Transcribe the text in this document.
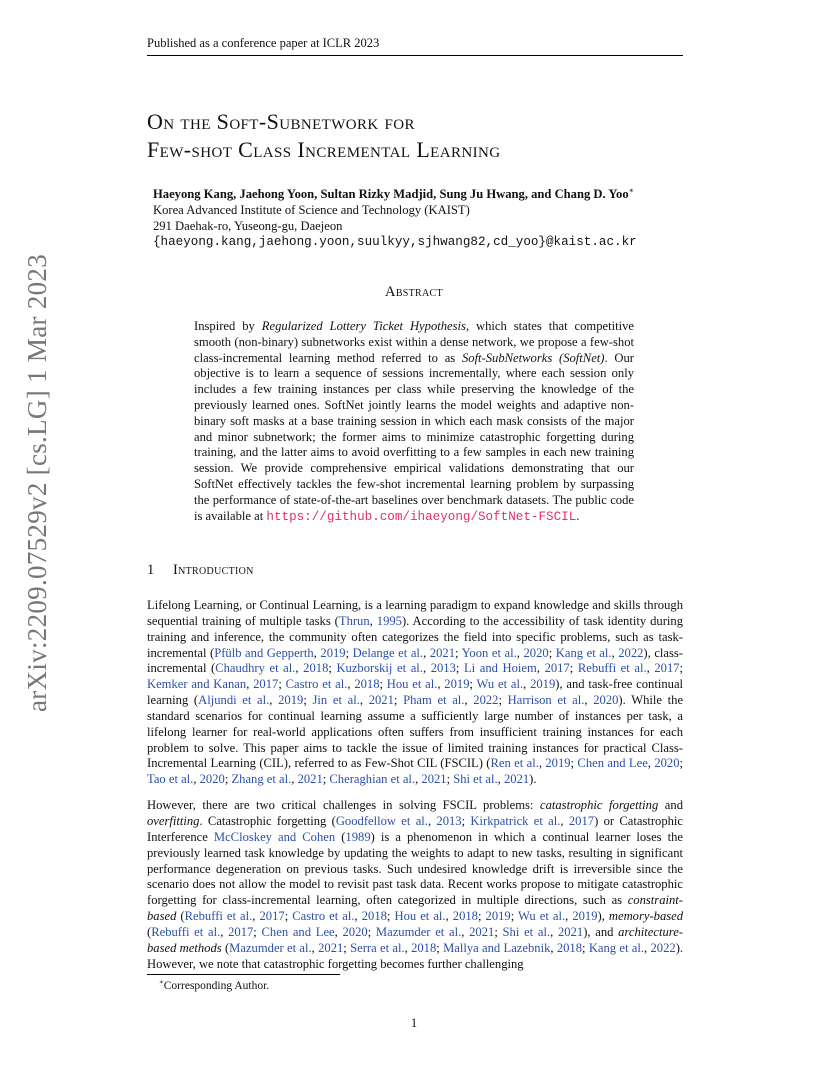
Published as a conference paper at ICLR 2023
arXiv:2209.07529v2 [cs.LG] 1 Mar 2023
On the Soft-Subnetwork for
Few-shot Class Incremental Learning
Haeyong Kang, Jaehong Yoon, Sultan Rizky Madjid, Sung Ju Hwang, and Chang D. Yoo∗
Korea Advanced Institute of Science and Technology (KAIST)
291 Daehak-ro, Yuseong-gu, Daejeon
{haeyong.kang,jaehong.yoon,suulkyy,sjhwang82,cd_yoo}@kaist.ac.kr
Abstract
Inspired by Regularized Lottery Ticket Hypothesis, which states that competitive smooth (non-binary) subnetworks exist within a dense network, we propose a few-shot class-incremental learning method referred to as Soft-SubNetworks (SoftNet). Our objective is to learn a sequence of sessions incrementally, where each session only includes a few training instances per class while preserving the knowledge of the previously learned ones. SoftNet jointly learns the model weights and adaptive non-binary soft masks at a base training session in which each mask consists of the major and minor subnetwork; the former aims to minimize catastrophic forgetting during training, and the latter aims to avoid overfitting to a few samples in each new training session. We provide comprehensive empirical validations demonstrating that our SoftNet effectively tackles the few-shot incremental learning problem by surpassing the performance of state-of-the-art baselines over benchmark datasets. The public code is available at https://github.com/ihaeyong/SoftNet-FSCIL.
1 Introduction

Lifelong Learning, or Continual Learning, is a learning paradigm to expand knowledge and skills through sequential training of multiple tasks (Thrun, 1995). According to the accessibility of task identity during training and inference, the community often categorizes the field into specific problems, such as task-incremental (Pfülb and Gepperth, 2019; Delange et al., 2021; Yoon et al., 2020; Kang et al., 2022), class-incremental (Chaudhry et al., 2018; Kuzborskij et al., 2013; Li and Hoiem, 2017; Rebuffi et al., 2017; Kemker and Kanan, 2017; Castro et al., 2018; Hou et al., 2019; Wu et al., 2019), and task-free continual learning (Aljundi et al., 2019; Jin et al., 2021; Pham et al., 2022; Harrison et al., 2020). While the standard scenarios for continual learning assume a sufficiently large number of instances per task, a lifelong learner for real-world applications often suffers from insufficient training instances for each problem to solve. This paper aims to tackle the issue of limited training instances for practical Class-Incremental Learning (CIL), referred to as Few-Shot CIL (FSCIL) (Ren et al., 2019; Chen and Lee, 2020; Tao et al., 2020; Zhang et al., 2021; Cheraghian et al., 2021; Shi et al., 2021).

However, there are two critical challenges in solving FSCIL problems: catastrophic forgetting and overfitting. Catastrophic forgetting (Goodfellow et al., 2013; Kirkpatrick et al., 2017) or Catastrophic Interference McCloskey and Cohen (1989) is a phenomenon in which a continual learner loses the previously learned task knowledge by updating the weights to adapt to new tasks, resulting in significant performance degeneration on previous tasks. Such undesired knowledge drift is irreversible since the scenario does not allow the model to revisit past task data. Recent works propose to mitigate catastrophic forgetting for class-incremental learning, often categorized in multiple directions, such as constraint-based (Rebuffi et al., 2017; Castro et al., 2018; Hou et al., 2018; 2019; Wu et al., 2019), memory-based (Rebuffi et al., 2017; Chen and Lee, 2020; Mazumder et al., 2021; Shi et al., 2021), and architecture-based methods (Mazumder et al., 2021; Serra et al., 2018; Mallya and Lazebnik, 2018; Kang et al., 2022). However, we note that catastrophic forgetting becomes further challenging

∗Corresponding Author.
1
